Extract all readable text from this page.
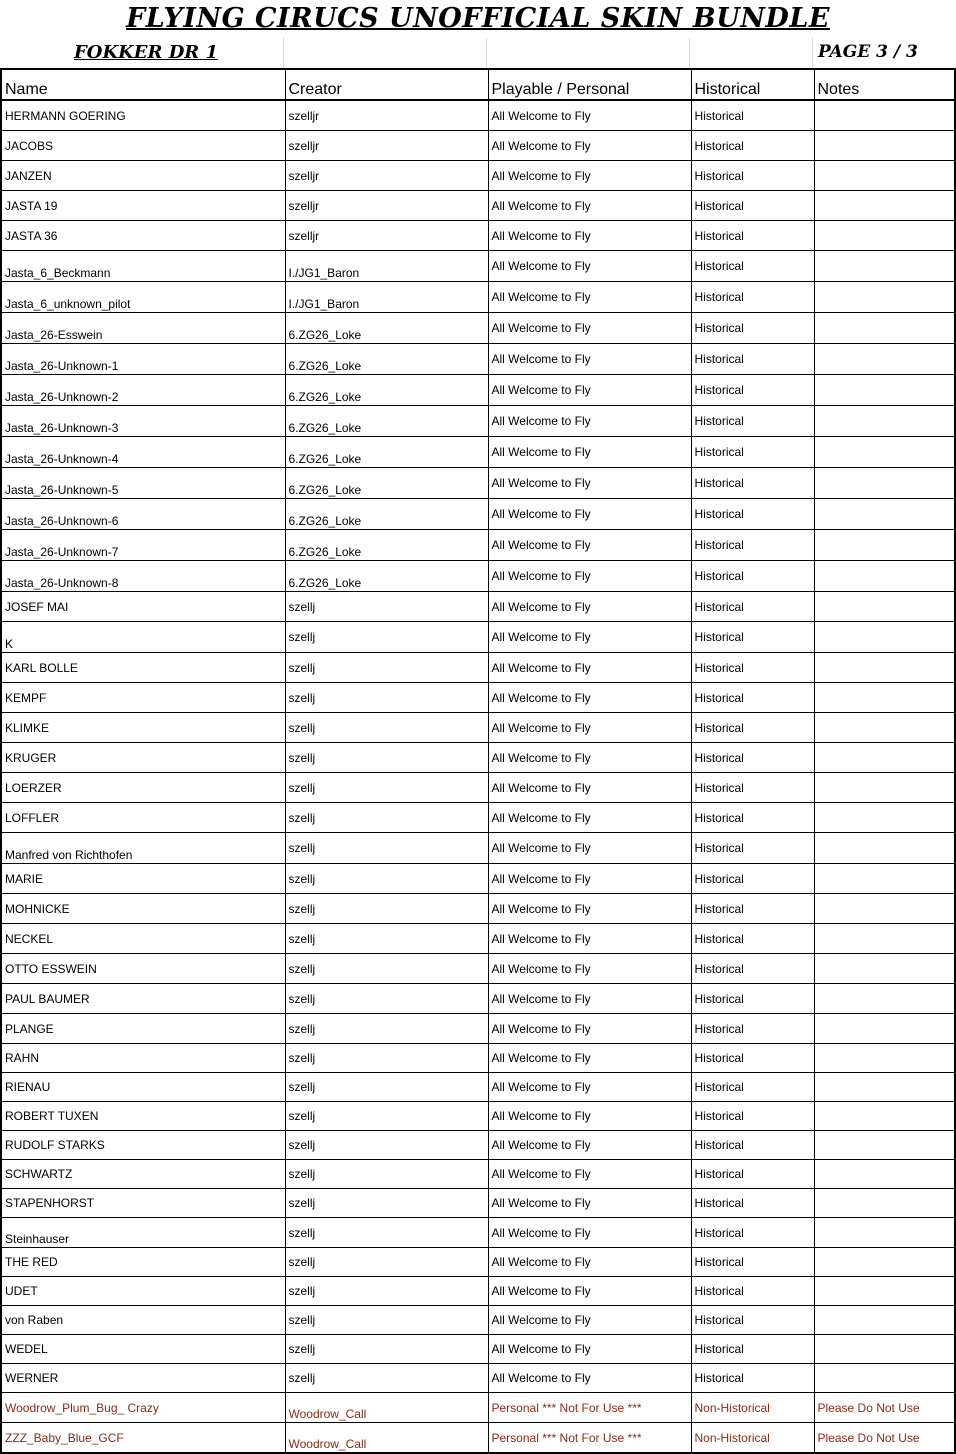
FLYING CIRUCS UNOFFICIAL SKIN BUNDLE
FOKKER DR 1	PAGE 3 / 3
Name	Creator	Playable / Personal	Historical	Notes
HERMANN GOERING	szelljr	All Welcome to Fly	Historical	
JACOBS	szelljr	All Welcome to Fly	Historical	
JANZEN	szelljr	All Welcome to Fly	Historical	
JASTA 19	szelljr	All Welcome to Fly	Historical	
JASTA 36	szelljr	All Welcome to Fly	Historical	
Jasta_6_Beckmann	I./JG1_Baron	All Welcome to Fly	Historical	
Jasta_6_unknown_pilot	I./JG1_Baron	All Welcome to Fly	Historical	
Jasta_26-Esswein	6.ZG26_Loke	All Welcome to Fly	Historical	
Jasta_26-Unknown-1	6.ZG26_Loke	All Welcome to Fly	Historical	
Jasta_26-Unknown-2	6.ZG26_Loke	All Welcome to Fly	Historical	
Jasta_26-Unknown-3	6.ZG26_Loke	All Welcome to Fly	Historical	
Jasta_26-Unknown-4	6.ZG26_Loke	All Welcome to Fly	Historical	
Jasta_26-Unknown-5	6.ZG26_Loke	All Welcome to Fly	Historical	
Jasta_26-Unknown-6	6.ZG26_Loke	All Welcome to Fly	Historical	
Jasta_26-Unknown-7	6.ZG26_Loke	All Welcome to Fly	Historical	
Jasta_26-Unknown-8	6.ZG26_Loke	All Welcome to Fly	Historical	
JOSEF MAI	szellj	All Welcome to Fly	Historical	
K	szellj	All Welcome to Fly	Historical	
KARL BOLLE	szellj	All Welcome to Fly	Historical	
KEMPF	szellj	All Welcome to Fly	Historical	
KLIMKE	szellj	All Welcome to Fly	Historical	
KRUGER	szellj	All Welcome to Fly	Historical	
LOERZER	szellj	All Welcome to Fly	Historical	
LOFFLER	szellj	All Welcome to Fly	Historical	
Manfred von Richthofen	szellj	All Welcome to Fly	Historical	
MARIE	szellj	All Welcome to Fly	Historical	
MOHNICKE	szellj	All Welcome to Fly	Historical	
NECKEL	szellj	All Welcome to Fly	Historical	
OTTO ESSWEIN	szellj	All Welcome to Fly	Historical	
PAUL BAUMER	szellj	All Welcome to Fly	Historical	
PLANGE	szellj	All Welcome to Fly	Historical	
RAHN	szellj	All Welcome to Fly	Historical	
RIENAU	szellj	All Welcome to Fly	Historical	
ROBERT TUXEN	szellj	All Welcome to Fly	Historical	
RUDOLF STARKS	szellj	All Welcome to Fly	Historical	
SCHWARTZ	szellj	All Welcome to Fly	Historical	
STAPENHORST	szellj	All Welcome to Fly	Historical	
Steinhauser	szellj	All Welcome to Fly	Historical	
THE RED	szellj	All Welcome to Fly	Historical	
UDET	szellj	All Welcome to Fly	Historical	
von Raben	szellj	All Welcome to Fly	Historical	
WEDEL	szellj	All Welcome to Fly	Historical	
WERNER	szellj	All Welcome to Fly	Historical	
Woodrow_Plum_Bug_ Crazy	Woodrow_Call	Personal *** Not For Use ***	Non-Historical	Please Do Not Use
ZZZ_Baby_Blue_GCF	Woodrow_Call	Personal *** Not For Use ***	Non-Historical	Please Do Not Use
